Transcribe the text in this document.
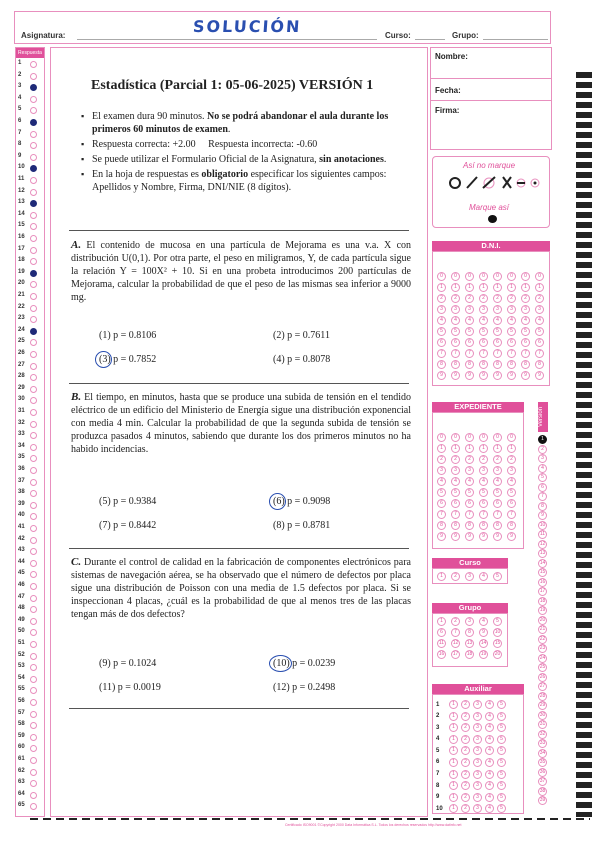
Asignatura:	SOLUCIÓN	Curso:	Grupo:
Respuesta
1
2
3
4
5
6
7
8
9
10
11
12
13
14
15
16
17
18
19
20
21
22
23
24
25
26
27
28
29
30
31
32
33
34
35
36
37
38
39
40
41
42
43
44
45
46
47
48
49
50
51
52
53
54
55
56
57
58
59
60
61
62
63
64
65
Estadística (Parcial 1: 05-06-2025) VERSIÓN 1
▪ El examen dura 90 minutos. No se podrá abandonar el aula durante los primeros 60 minutos de examen.
▪ Respuesta correcta: +2.00     Respuesta incorrecta: -0.60
▪ Se puede utilizar el Formulario Oficial de la Asignatura, sin anotaciones.
▪ En la hoja de respuestas es obligatorio especificar los siguientes campos: Apellidos y Nombre, Firma, DNI/NIE (8 dígitos).
A. El contenido de mucosa en una partícula de Mejorama es una v.a. X con distribución U(0,1). Por otra parte, el peso en miligramos, Y, de cada partícula sigue la relación Y = 100X² + 10. Si en una probeta introducimos 200 partículas de Mejorama, calcular la probabilidad de que el peso de las mismas sea inferior a 9000 mg.
(1) p = 0.8106	(2) p = 0.7611
(3) p = 0.7852	(4) p = 0.8078
B. El tiempo, en minutos, hasta que se produce una subida de tensión en el tendido eléctrico de un edificio del Ministerio de Energía sigue una distribución exponencial con media 4 min. Calcular la probabilidad de que la segunda subida de tensión se produzca pasados 4 minutos, sabiendo que durante los dos primeros minutos no ha habido incidencias.
(5) p = 0.9384	(6) p = 0.9098
(7) p = 0.8442	(8) p = 0.8781
C. Durante el control de calidad en la fabricación de componentes electrónicos para sistemas de navegación aérea, se ha observado que el número de defectos por placa sigue una distribución de Poisson con una media de 1.5 defectos por placa. Si se inspeccionan 4 placas, ¿cuál es la probabilidad de que al menos tres de las placas tengan más de dos defectos?
(9) p = 0.1024	(10) p = 0.0239
(11) p = 0.0019	(12) p = 0.2498
Nombre:
Fecha:
Firma:
Así no marque
Marque así
D.N.I.
0	0	0	0	0	0	0	0
1	1	1	1	1	1	1	1
2	2	2	2	2	2	2	2
3	3	3	3	3	3	3	3
4	4	4	4	4	4	4	4
5	5	5	5	5	5	5	5
6	6	6	6	6	6	6	6
7	7	7	7	7	7	7	7
8	8	8	8	8	8	8	8
9	9	9	9	9	9	9	9
EXPEDIENTE
0	0	0	0	0	0
1	1	1	1	1	1
2	2	2	2	2	2
3	3	3	3	3	3
4	4	4	4	4	4
5	5	5	5	5	5
6	6	6	6	6	6
7	7	7	7	7	7
8	8	8	8	8	8
9	9	9	9	9	9
Versión
1
2
3
4
5
6
7
8
9
10
11
12
13
14
15
16
17
18
19
20
21
22
23
24
25
26
27
28
29
30
31
32
33
34
35
36
37
38
39
Curso
1	2	3	4	5
Grupo
1	2	3	4	5
6	7	8	9	10
11	12	13	14	15
16	17	18	19	20
Auxiliar
1	1	2	3	4	5
2	1	2	3	4	5
3	1	2	3	4	5
4	1	2	3	4	5
5	1	2	3	4	5
6	1	2	3	4	5
7	1	2	3	4	5
8	1	2	3	4	5
9	1	2	3	4	5
10	1	2	3	4	5
Certificado ISO9001 ©Copyright 2000 Data Informática S.L. Todos los derechos reservados http://www.datinfo.net
